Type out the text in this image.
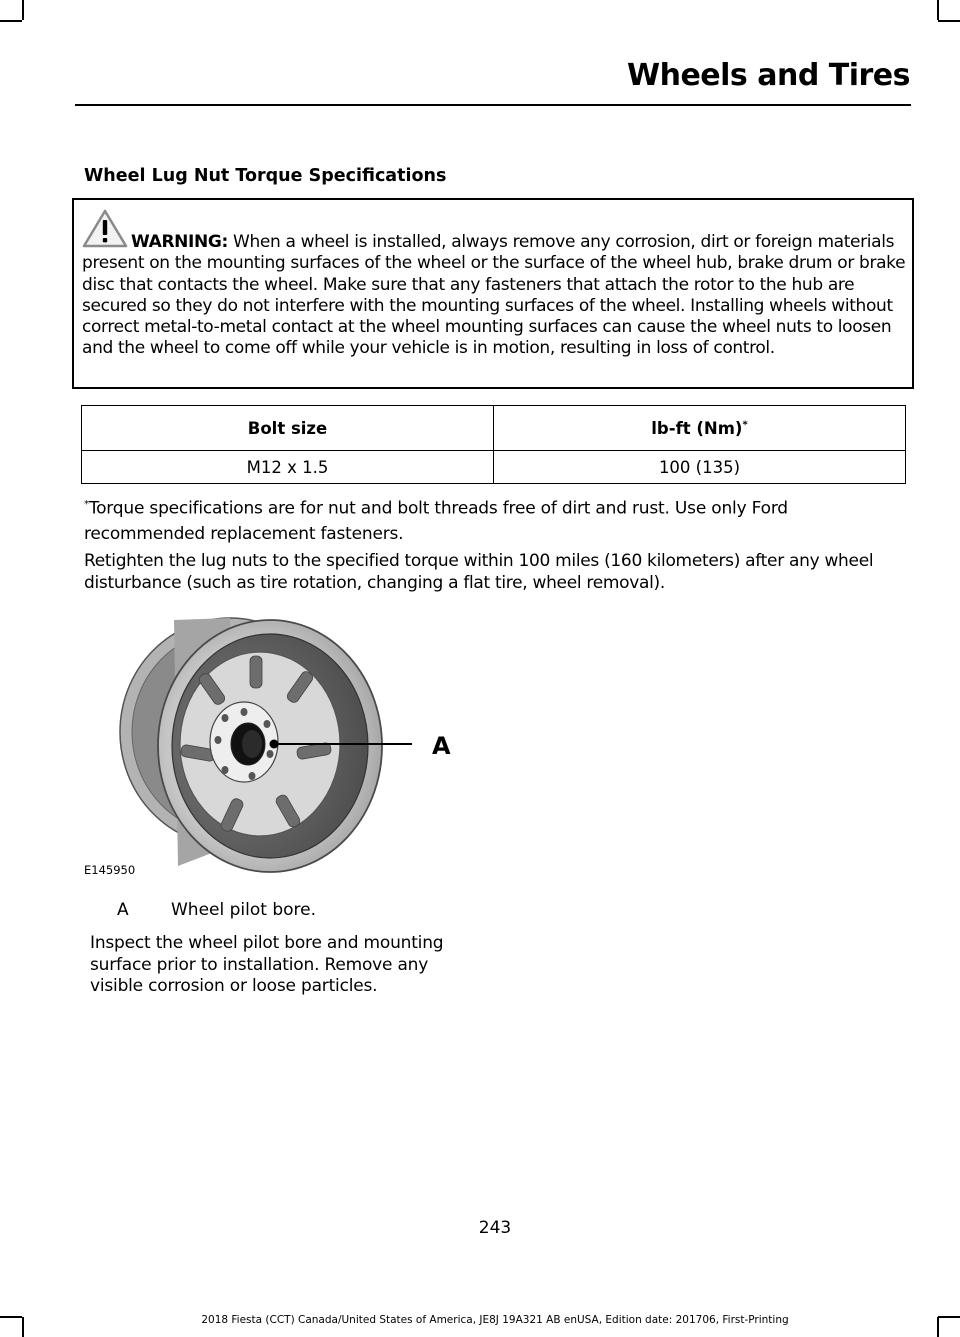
Wheels and Tires
Wheel Lug Nut Torque Specifications

WARNING: When a wheel is installed, always remove any corrosion, dirt or foreign materials present on the mounting surfaces of the wheel or the surface of the wheel hub, brake drum or brake disc that contacts the wheel. Make sure that any fasteners that attach the rotor to the hub are secured so they do not interfere with the mounting surfaces of the wheel. Installing wheels without correct metal-to-metal contact at the wheel mounting surfaces can cause the wheel nuts to loosen and the wheel to come off while your vehicle is in motion, resulting in loss of control.

Bolt size	lb-ft (Nm)*
M12 x 1.5	100 (135)

*Torque specifications are for nut and bolt threads free of dirt and rust. Use only Ford recommended replacement fasteners.

Retighten the lug nuts to the specified torque within 100 miles (160 kilometers) after any wheel disturbance (such as tire rotation, changing a flat tire, wheel removal).

A
E145950

A Wheel pilot bore.

Inspect the wheel pilot bore and mounting surface prior to installation. Remove any visible corrosion or loose particles.

243

2018 Fiesta (CCT) Canada/United States of America, JE8J 19A321 AB enUSA, Edition date: 201706, First-Printing
